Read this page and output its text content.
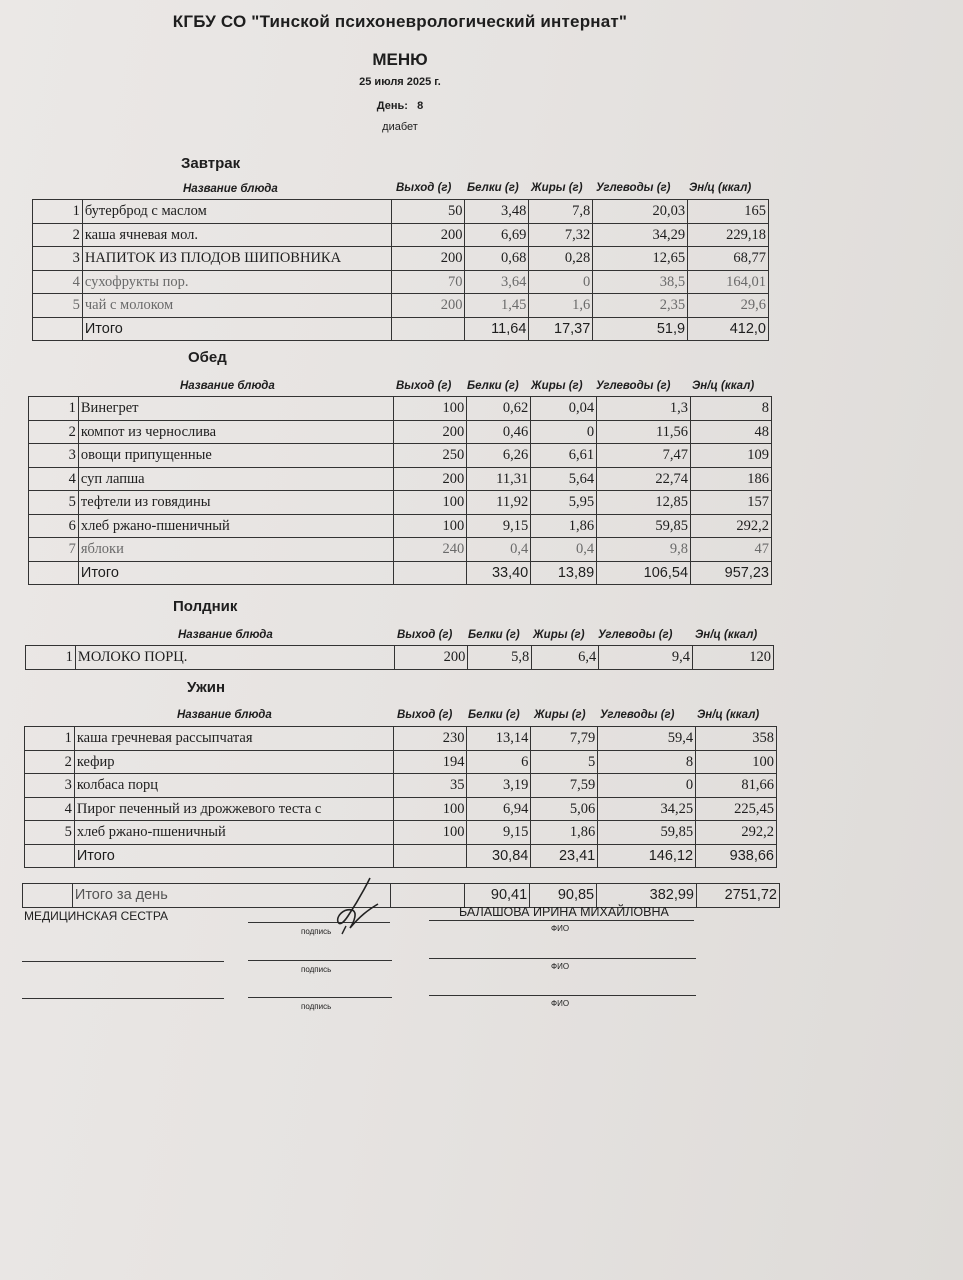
КГБУ СО "Тинской психоневрологический интернат"
МЕНЮ
25 июля 2025 г.
День: 8
диабет
Завтрак
Название блюда	Выход (г) Белки (г) Жиры (г) Углеводы (г) Эн/ц (ккал)
1	бутерброд с маслом	50	3,48	7,8	20,03	165
2	каша ячневая мол.	200	6,69	7,32	34,29	229,18
3	НАПИТОК ИЗ ПЛОДОВ ШИПОВНИКА	200	0,68	0,28	12,65	68,77
4	сухофрукты пор.	70	3,64	0	38,5	164,01
5	чай с молоком	200	1,45	1,6	2,35	29,6
	Итого		11,64	17,37	51,9	412,0
Обед
Название блюда	Выход (г) Белки (г) Жиры (г) Углеводы (г) Эн/ц (ккал)
1	Винегрет	100	0,62	0,04	1,3	8
2	компот из чернослива	200	0,46	0	11,56	48
3	овощи припущенные	250	6,26	6,61	7,47	109
4	суп лапша	200	11,31	5,64	22,74	186
5	тефтели из говядины	100	11,92	5,95	12,85	157
6	хлеб ржано-пшеничный	100	9,15	1,86	59,85	292,2
7	яблоки	240	0,4	0,4	9,8	47
	Итого		33,40	13,89	106,54	957,23
Полдник
Название блюда	Выход (г) Белки (г) Жиры (г) Углеводы (г) Эн/ц (ккал)
1	МОЛОКО ПОРЦ.	200	5,8	6,4	9,4	120
Ужин
Название блюда	Выход (г) Белки (г) Жиры (г) Углеводы (г) Эн/ц (ккал)
1	каша гречневая рассыпчатая	230	13,14	7,79	59,4	358
2	кефир	194	6	5	8	100
3	колбаса порц	35	3,19	7,59	0	81,66
4	Пирог печенный из дрожжевого теста с	100	6,94	5,06	34,25	225,45
5	хлеб ржано-пшеничный	100	9,15	1,86	59,85	292,2
	Итого		30,84	23,41	146,12	938,66
	Итого за день		90,41	90,85	382,99	2751,72
МЕДИЦИНСКАЯ СЕСТРА
подпись
БАЛАШОВА ИРИНА МИХАЙЛОВНА
ФИО
подпись	ФИО
подпись	ФИО
